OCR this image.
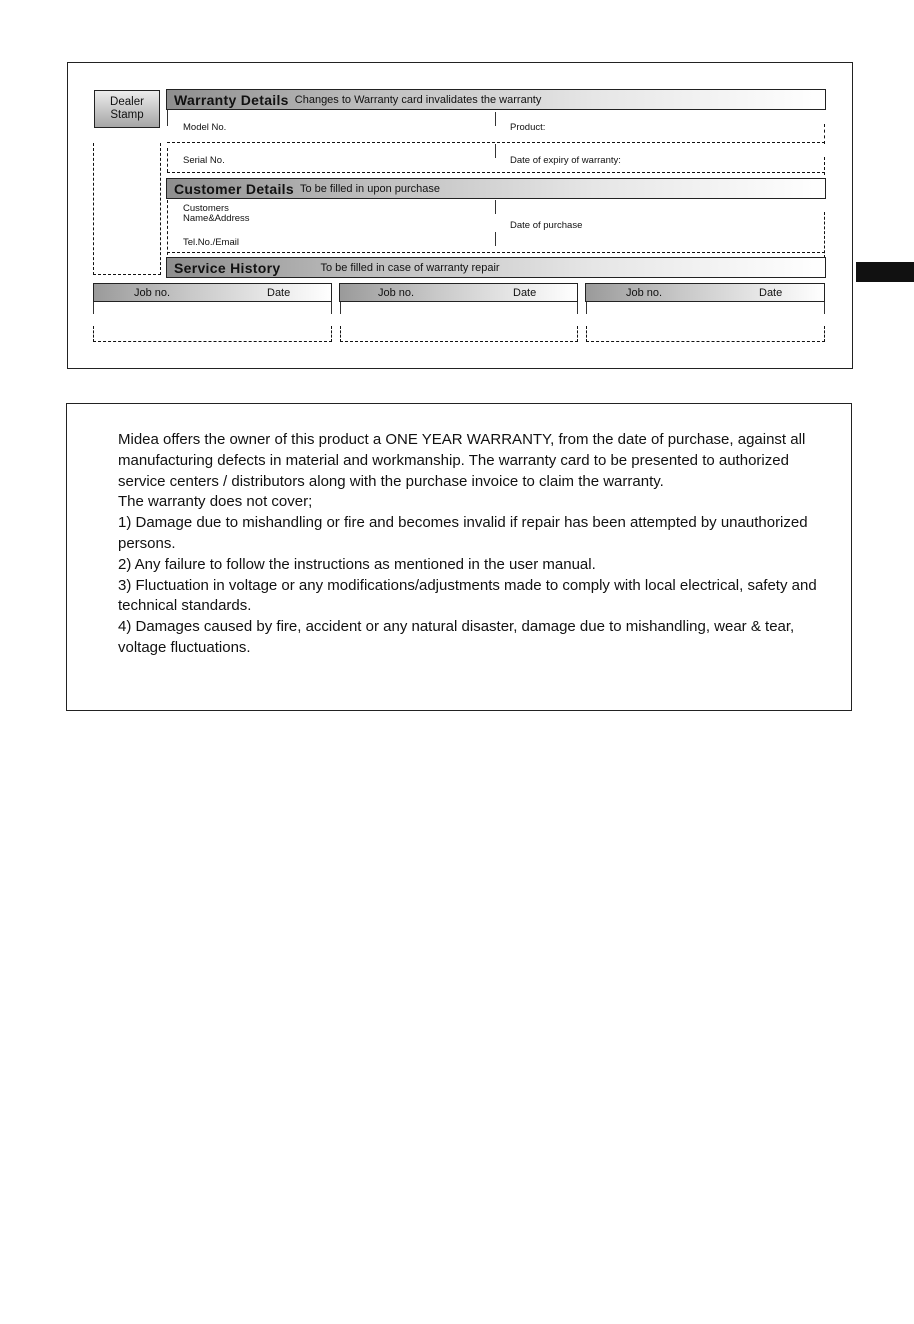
Dealer
Stamp
Warranty Details Changes to Warranty card invalidates the warranty
Model No.	Product:
Serial No.	Date of expiry of warranty:
Customer Details To be filled in upon purchase
Customers
Name&Address
Tel.No./Email
Date of purchase
Service History	To be filled in case of warranty repair
Job no.	Date	Job no.	Date	Job no.	Date

Midea offers the owner of this product a ONE YEAR WARRANTY, from the date of purchase, against all manufacturing defects in material and workmanship. The warranty card to be presented to authorized service centers / distributors along with the purchase invoice to claim the warranty.

The warranty does not cover;

1) Damage due to mishandling or fire and becomes invalid if repair has been attempted by unauthorized persons.

2) Any failure to follow the instructions as mentioned in the user manual.

3) Fluctuation in voltage or any modifications/adjustments made to comply with local electrical, safety and technical standards.

4) Damages caused by fire, accident or any natural disaster, damage due to mishandling, wear & tear, voltage fluctuations.
